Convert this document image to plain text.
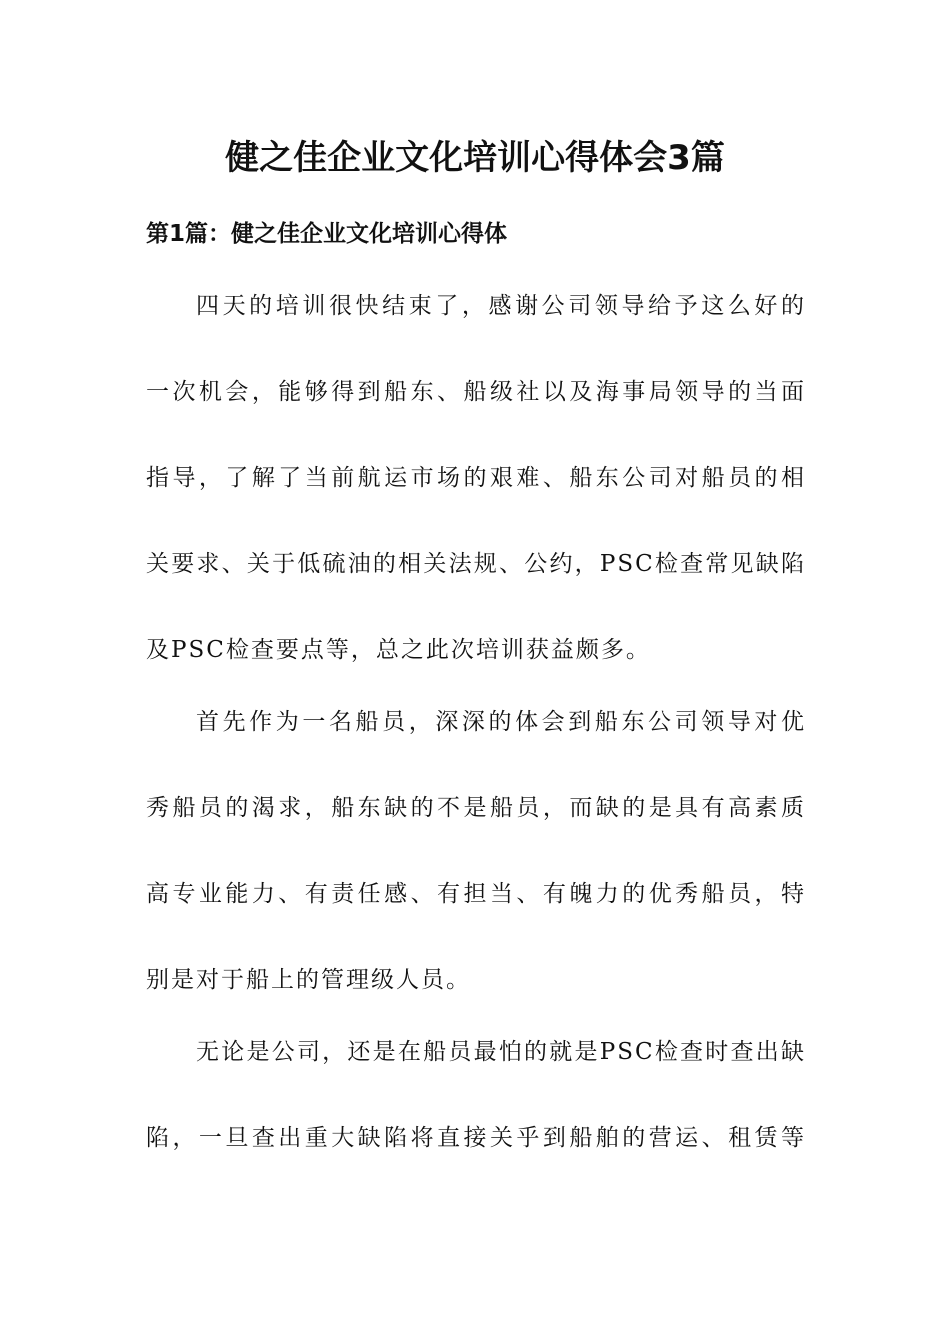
健之佳企业文化培训心得体会3篇
第1篇：健之佳企业文化培训心得体

四天的培训很快结束了，感谢公司领导给予这么好的

一次机会，能够得到船东、船级社以及海事局领导的当面

指导，了解了当前航运市场的艰难、船东公司对船员的相

关要求、关于低硫油的相关法规、公约，PSC检查常见缺陷

及PSC检查要点等，总之此次培训获益颇多。

首先作为一名船员，深深的体会到船东公司领导对优

秀船员的渴求，船东缺的不是船员，而缺的是具有高素质

高专业能力、有责任感、有担当、有魄力的优秀船员，特

别是对于船上的管理级人员。

无论是公司，还是在船员最怕的就是PSC检查时查出缺

陷，一旦查出重大缺陷将直接关乎到船舶的营运、租赁等
